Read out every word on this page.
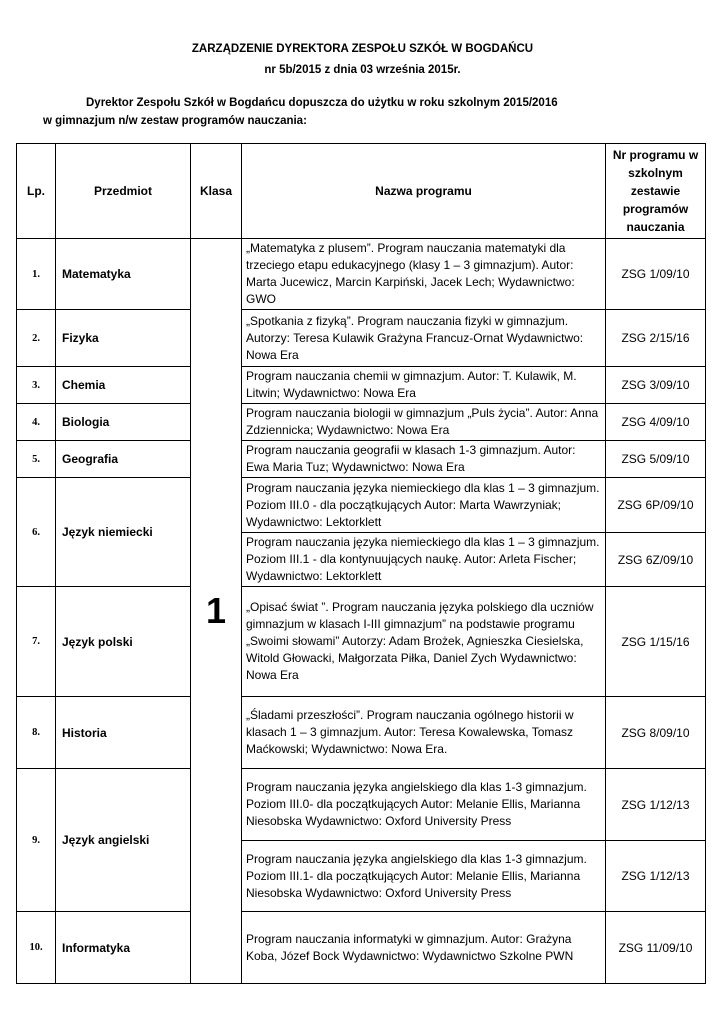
ZARZĄDZENIE DYREKTORA ZESPOŁU SZKÓŁ W BOGDAŃCU
nr 5b/2015 z dnia 03 września 2015r.
Dyrektor Zespołu Szkół w Bogdańcu dopuszcza do użytku w roku szkolnym 2015/2016
w gimnazjum n/w zestaw programów nauczania:
Lp.	Przedmiot	Klasa	Nazwa programu	Nr programu w szkolnym zestawie programów nauczania
1.	Matematyka	1	„Matematyka z plusem”. Program nauczania matematyki dla trzeciego etapu edukacyjnego (klasy 1 – 3 gimnazjum). Autor: Marta Jucewicz, Marcin Karpiński, Jacek Lech; Wydawnictwo: GWO	ZSG 1/09/10
2.	Fizyka		„Spotkania z fizyką”. Program nauczania fizyki w gimnazjum. Autorzy: Teresa Kulawik Grażyna Francuz-Ornat Wydawnictwo: Nowa Era	ZSG 2/15/16
3.	Chemia		Program nauczania chemii w gimnazjum. Autor: T. Kulawik, M. Litwin; Wydawnictwo: Nowa Era	ZSG 3/09/10
4.	Biologia		Program nauczania biologii w gimnazjum „Puls życia”. Autor: Anna Zdziennicka; Wydawnictwo: Nowa Era	ZSG 4/09/10
5.	Geografia		Program nauczania geografii w klasach 1-3 gimnazjum. Autor: Ewa Maria Tuz; Wydawnictwo: Nowa Era	ZSG 5/09/10
6.	Język niemiecki		Program nauczania języka niemieckiego dla klas 1 – 3 gimnazjum. Poziom III.0 - dla początkujących Autor: Marta Wawrzyniak; Wydawnictwo: Lektorklett	ZSG 6P/09/10
			Program nauczania języka niemieckiego dla klas 1 – 3 gimnazjum. Poziom III.1 - dla kontynuujących naukę. Autor: Arleta Fischer; Wydawnictwo: Lektorklett	ZSG 6Z/09/10
7.	Język polski		„Opisać świat ”. Program nauczania języka polskiego dla uczniów gimnazjum w klasach I-III gimnazjum” na podstawie programu „Swoimi słowami” Autorzy: Adam Brożek, Agnieszka Ciesielska, Witold Głowacki, Małgorzata Piłka, Daniel Zych Wydawnictwo: Nowa Era	ZSG 1/15/16
8.	Historia		„Śladami przeszłości”. Program nauczania ogólnego historii w klasach 1 – 3 gimnazjum. Autor: Teresa Kowalewska, Tomasz Maćkowski; Wydawnictwo: Nowa Era.	ZSG 8/09/10
9.	Język angielski		Program nauczania języka angielskiego dla klas 1-3 gimnazjum. Poziom III.0- dla początkujących Autor: Melanie Ellis, Marianna Niesobska Wydawnictwo: Oxford University Press	ZSG 1/12/13
			Program nauczania języka angielskiego dla klas 1-3 gimnazjum. Poziom III.1- dla początkujących Autor: Melanie Ellis, Marianna Niesobska Wydawnictwo: Oxford University Press	ZSG 1/12/13
10.	Informatyka		Program nauczania informatyki w gimnazjum. Autor: Grażyna Koba, Józef Bock Wydawnictwo: Wydawnictwo Szkolne PWN	ZSG 11/09/10
